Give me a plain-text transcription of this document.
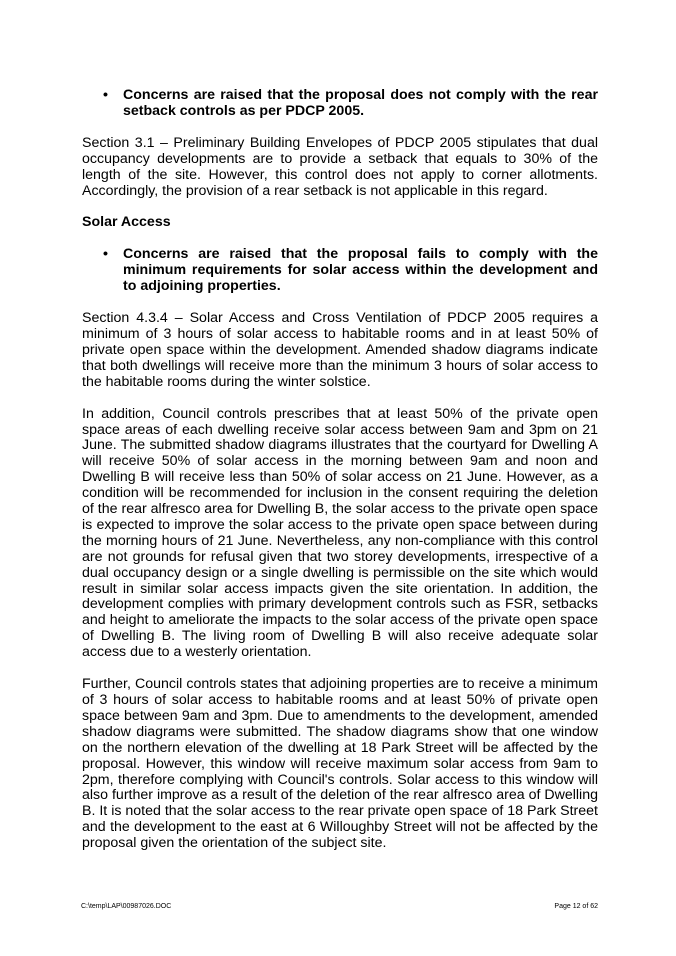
• Concerns are raised that the proposal does not comply with the rear setback controls as per PDCP 2005.

Section 3.1 – Preliminary Building Envelopes of PDCP 2005 stipulates that dual occupancy developments are to provide a setback that equals to 30% of the length of the site. However, this control does not apply to corner allotments. Accordingly, the provision of a rear setback is not applicable in this regard.

Solar Access

• Concerns are raised that the proposal fails to comply with the minimum requirements for solar access within the development and to adjoining properties.

Section 4.3.4 – Solar Access and Cross Ventilation of PDCP 2005 requires a minimum of 3 hours of solar access to habitable rooms and in at least 50% of private open space within the development. Amended shadow diagrams indicate that both dwellings will receive more than the minimum 3 hours of solar access to the habitable rooms during the winter solstice.

In addition, Council controls prescribes that at least 50% of the private open space areas of each dwelling receive solar access between 9am and 3pm on 21 June. The submitted shadow diagrams illustrates that the courtyard for Dwelling A will receive 50% of solar access in the morning between 9am and noon and Dwelling B will receive less than 50% of solar access on 21 June. However, as a condition will be recommended for inclusion in the consent requiring the deletion of the rear alfresco area for Dwelling B, the solar access to the private open space is expected to improve the solar access to the private open space between during the morning hours of 21 June. Nevertheless, any non-compliance with this control are not grounds for refusal given that two storey developments, irrespective of a dual occupancy design or a single dwelling is permissible on the site which would result in similar solar access impacts given the site orientation. In addition, the development complies with primary development controls such as FSR, setbacks and height to ameliorate the impacts to the solar access of the private open space of Dwelling B. The living room of Dwelling B will also receive adequate solar access due to a westerly orientation.

Further, Council controls states that adjoining properties are to receive a minimum of 3 hours of solar access to habitable rooms and at least 50% of private open space between 9am and 3pm. Due to amendments to the development, amended shadow diagrams were submitted. The shadow diagrams show that one window on the northern elevation of the dwelling at 18 Park Street will be affected by the proposal. However, this window will receive maximum solar access from 9am to 2pm, therefore complying with Council's controls. Solar access to this window will also further improve as a result of the deletion of the rear alfresco area of Dwelling B. It is noted that the solar access to the rear private open space of 18 Park Street and the development to the east at 6 Willoughby Street will not be affected by the proposal given the orientation of the subject site.

C:\temp\LAP\00987026.DOC	Page 12 of 62
